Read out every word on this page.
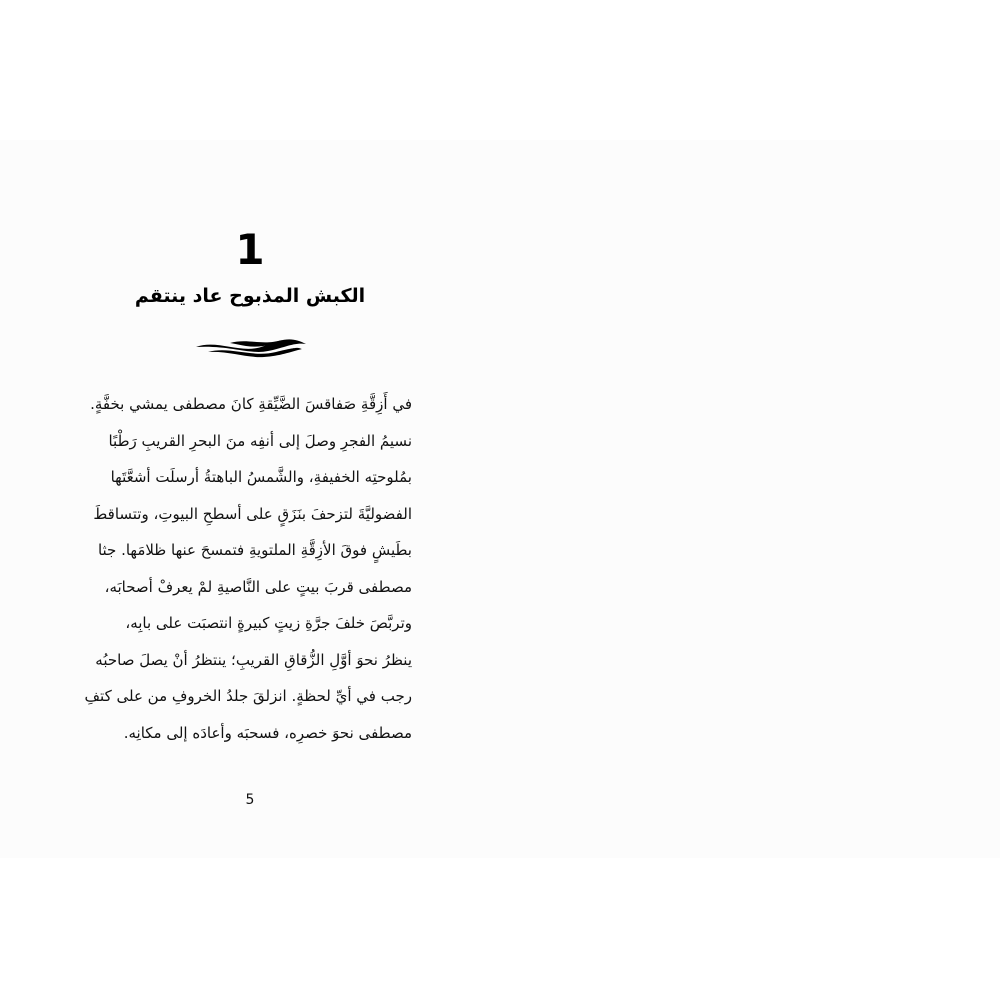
1
الكبش المذبوح عاد ينتقم
في أَزِقَّةِ صَفاقسَ الضَّيِّقةِ كانَ مصطفى يمشي بخفَّةٍ.
نسيمُ الفجرِ وصلَ إلى أنفِه منَ البحرِ القريبِ رَطْبًا
بمُلوحتِه الخفيفةِ، والشَّمسُ الباهتةُ أرسلَت أشعَّتَها
الفضوليَّةَ لتزحفَ بنَزَقٍ على أسطحِ البيوتِ، وتتساقطَ
بطَيشٍ فوقَ الأزِقَّةِ الملتويةِ فتمسحَ عنها ظلامَها. جثا
مصطفى قربَ بيتٍ على النَّاصيةِ لمْ يعرفْ أصحابَه،
وتربَّصَ خلفَ جرَّةِ زيتٍ كبيرةٍ انتصبَت على بابِه،
ينظرُ نحوَ أوَّلِ الزُّقاقِ القريبِ؛ ينتظرُ أنْ يصلَ صاحبُه
رجب في أيِّ لحظةٍ. انزلقَ جلدُ الخروفِ من على كتفِ
مصطفى نحوَ خصرِه، فسحبَه وأعادَه إلى مكانِه.
5
